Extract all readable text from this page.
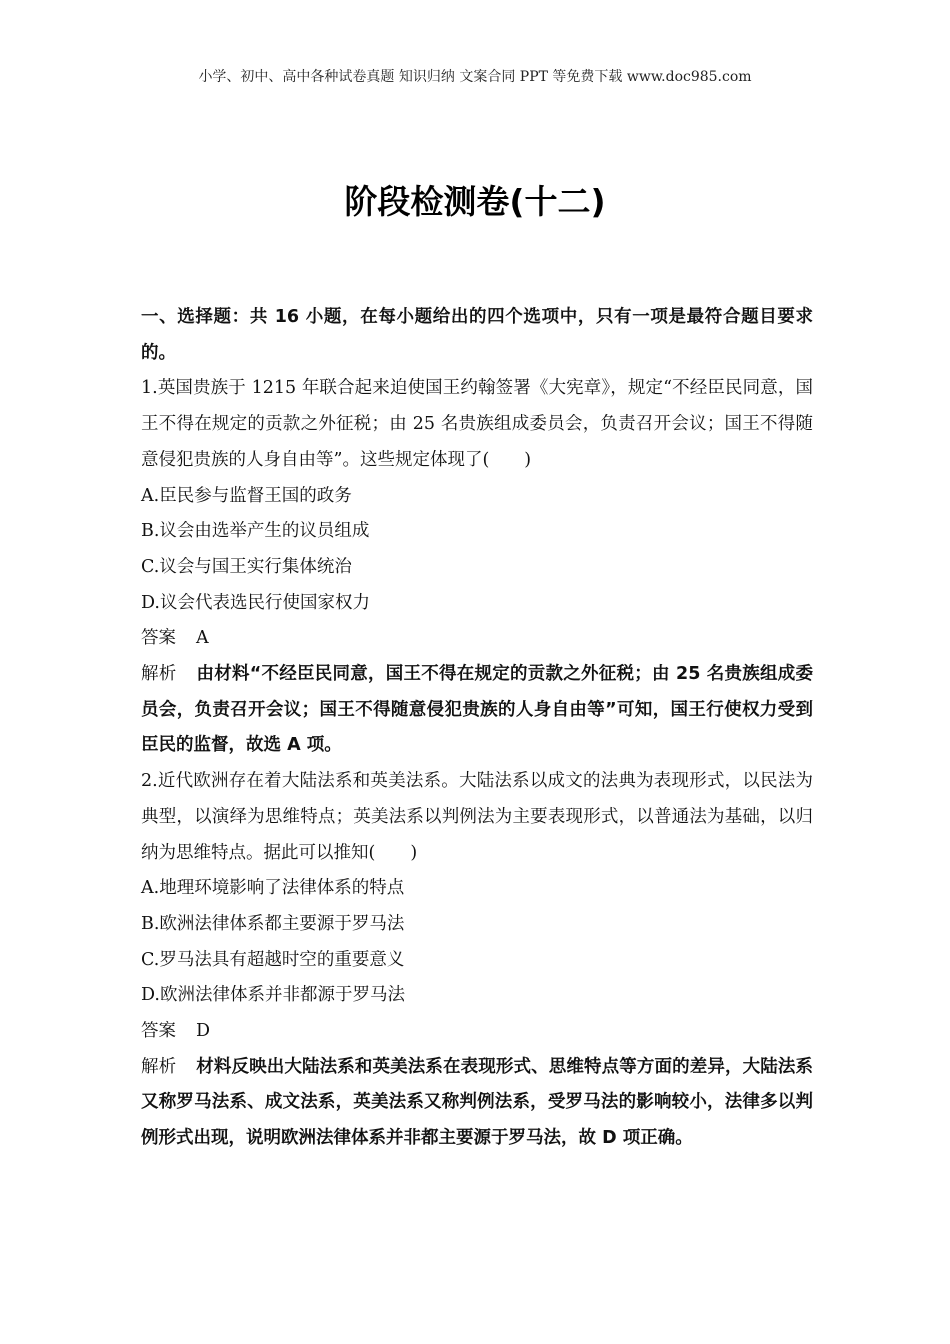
小学、初中、高中各种试卷真题 知识归纳 文案合同 PPT 等免费下载 www.doc985.com
阶段检测卷(十二)

一、选择题：共 16 小题，在每小题给出的四个选项中，只有一项是最符合题目要求的。

1.英国贵族于 1215 年联合起来迫使国王约翰签署《大宪章》，规定“不经臣民同意，国王不得在规定的贡款之外征税；由 25 名贵族组成委员会，负责召开会议；国王不得随意侵犯贵族的人身自由等”。这些规定体现了(　　)

A.臣民参与监督王国的政务

B.议会由选举产生的议员组成

C.议会与国王实行集体统治

D.议会代表选民行使国家权力

答案 A

解析 由材料“不经臣民同意，国王不得在规定的贡款之外征税；由 25 名贵族组成委员会，负责召开会议；国王不得随意侵犯贵族的人身自由等”可知，国王行使权力受到臣民的监督，故选 A 项。

2.近代欧洲存在着大陆法系和英美法系。大陆法系以成文的法典为表现形式，以民法为典型，以演绎为思维特点；英美法系以判例法为主要表现形式，以普通法为基础，以归纳为思维特点。据此可以推知(　　)

A.地理环境影响了法律体系的特点

B.欧洲法律体系都主要源于罗马法

C.罗马法具有超越时空的重要意义

D.欧洲法律体系并非都源于罗马法

答案 D

解析 材料反映出大陆法系和英美法系在表现形式、思维特点等方面的差异，大陆法系又称罗马法系、成文法系，英美法系又称判例法系，受罗马法的影响较小，法律多以判例形式出现，说明欧洲法律体系并非都主要源于罗马法，故 D 项正确。
